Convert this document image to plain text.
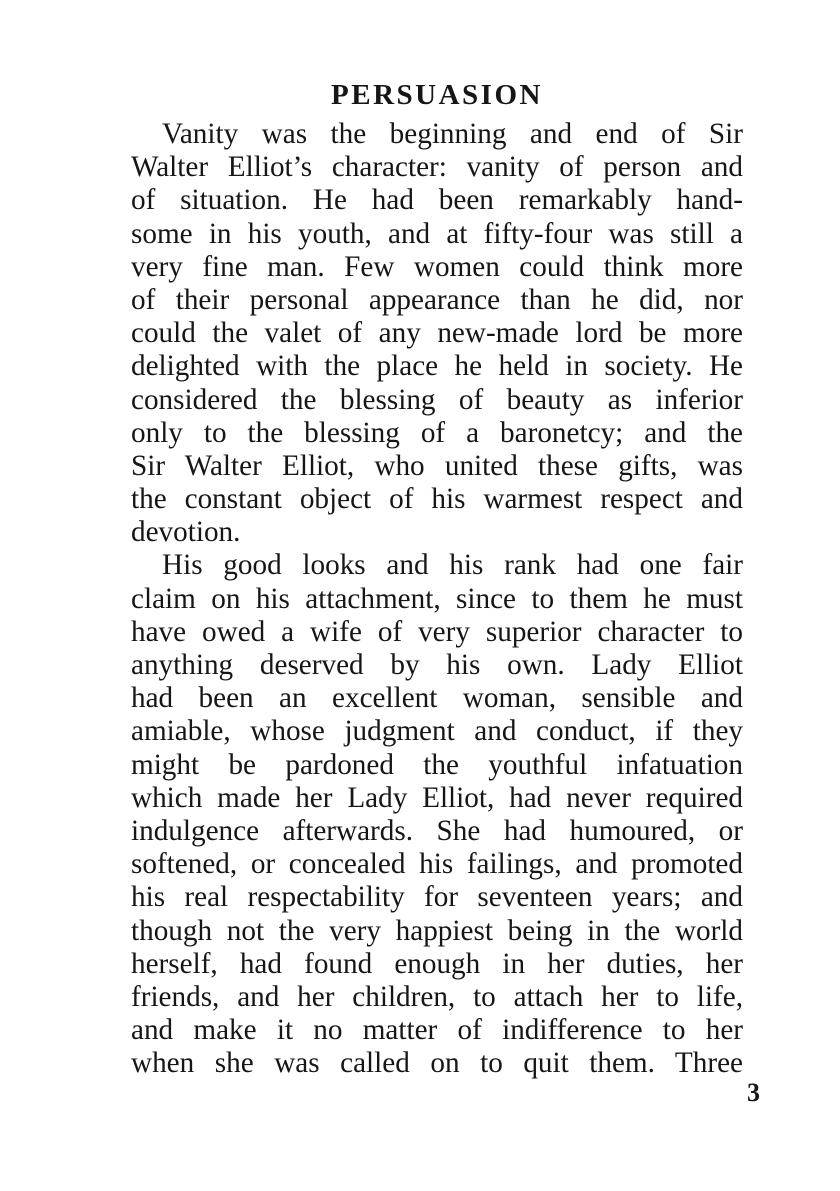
PERSUASION
Vanity was the beginning and end of Sir
Walter Elliot’s character: vanity of person and
of situation. He had been remarkably hand-
some in his youth, and at fifty-four was still a
very fine man. Few women could think more
of their personal appearance than he did, nor
could the valet of any new-made lord be more
delighted with the place he held in society. He
considered the blessing of beauty as inferior
only to the blessing of a baronetcy; and the
Sir Walter Elliot, who united these gifts, was
the constant object of his warmest respect and
devotion.
His good looks and his rank had one fair
claim on his attachment, since to them he must
have owed a wife of very superior character to
anything deserved by his own. Lady Elliot
had been an excellent woman, sensible and
amiable, whose judgment and conduct, if they
might be pardoned the youthful infatuation
which made her Lady Elliot, had never required
indulgence afterwards. She had humoured, or
softened, or concealed his failings, and promoted
his real respectability for seventeen years; and
though not the very happiest being in the world
herself, had found enough in her duties, her
friends, and her children, to attach her to life,
and make it no matter of indifference to her
when she was called on to quit them. Three
3
